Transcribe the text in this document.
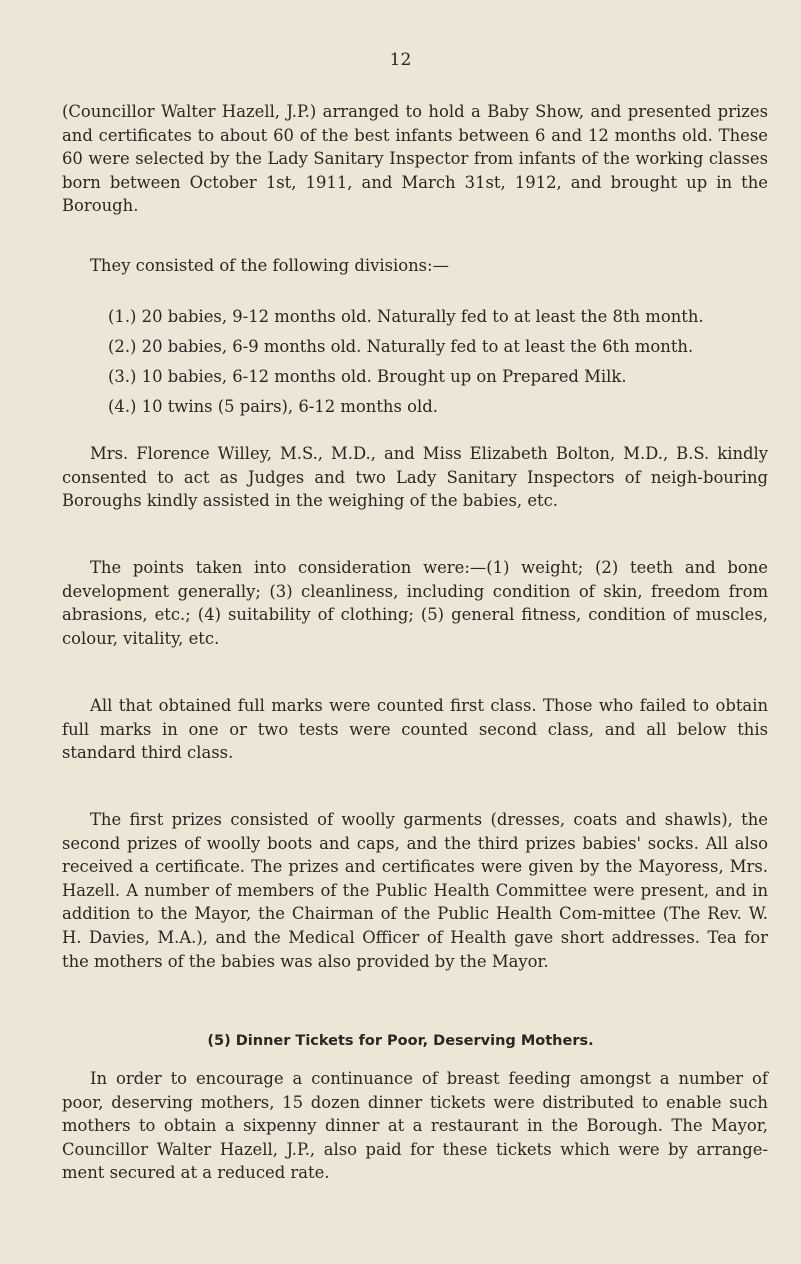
12

(Councillor Walter Hazell, J.P.) arranged to hold a Baby Show, and presented prizes and certificates to about 60 of the best infants between 6 and 12 months old. These 60 were selected by the Lady Sanitary Inspector from infants of the working classes born between October 1st, 1911, and March 31st, 1912, and brought up in the Borough.

They consisted of the following divisions:—

(1.) 20 babies, 9-12 months old. Naturally fed to at least the 8th month.
(2.) 20 babies, 6-9 months old. Naturally fed to at least the 6th month.
(3.) 10 babies, 6-12 months old. Brought up on Prepared Milk.
(4.) 10 twins (5 pairs), 6-12 months old.

Mrs. Florence Willey, M.S., M.D., and Miss Elizabeth Bolton, M.D., B.S. kindly consented to act as Judges and two Lady Sanitary Inspectors of neigh-bouring Boroughs kindly assisted in the weighing of the babies, etc.

The points taken into consideration were:—(1) weight; (2) teeth and bone development generally; (3) cleanliness, including condition of skin, freedom from abrasions, etc.; (4) suitability of clothing; (5) general fitness, condition of muscles, colour, vitality, etc.

All that obtained full marks were counted first class. Those who failed to obtain full marks in one or two tests were counted second class, and all below this standard third class.

The first prizes consisted of woolly garments (dresses, coats and shawls), the second prizes of woolly boots and caps, and the third prizes babies' socks. All also received a certificate. The prizes and certificates were given by the Mayoress, Mrs. Hazell. A number of members of the Public Health Committee were present, and in addition to the Mayor, the Chairman of the Public Health Com-mittee (The Rev. W. H. Davies, M.A.), and the Medical Officer of Health gave short addresses. Tea for the mothers of the babies was also provided by the Mayor.

(5) Dinner Tickets for Poor, Deserving Mothers.

In order to encourage a continuance of breast feeding amongst a number of poor, deserving mothers, 15 dozen dinner tickets were distributed to enable such mothers to obtain a sixpenny dinner at a restaurant in the Borough. The Mayor, Councillor Walter Hazell, J.P., also paid for these tickets which were by arrange-ment secured at a reduced rate.
